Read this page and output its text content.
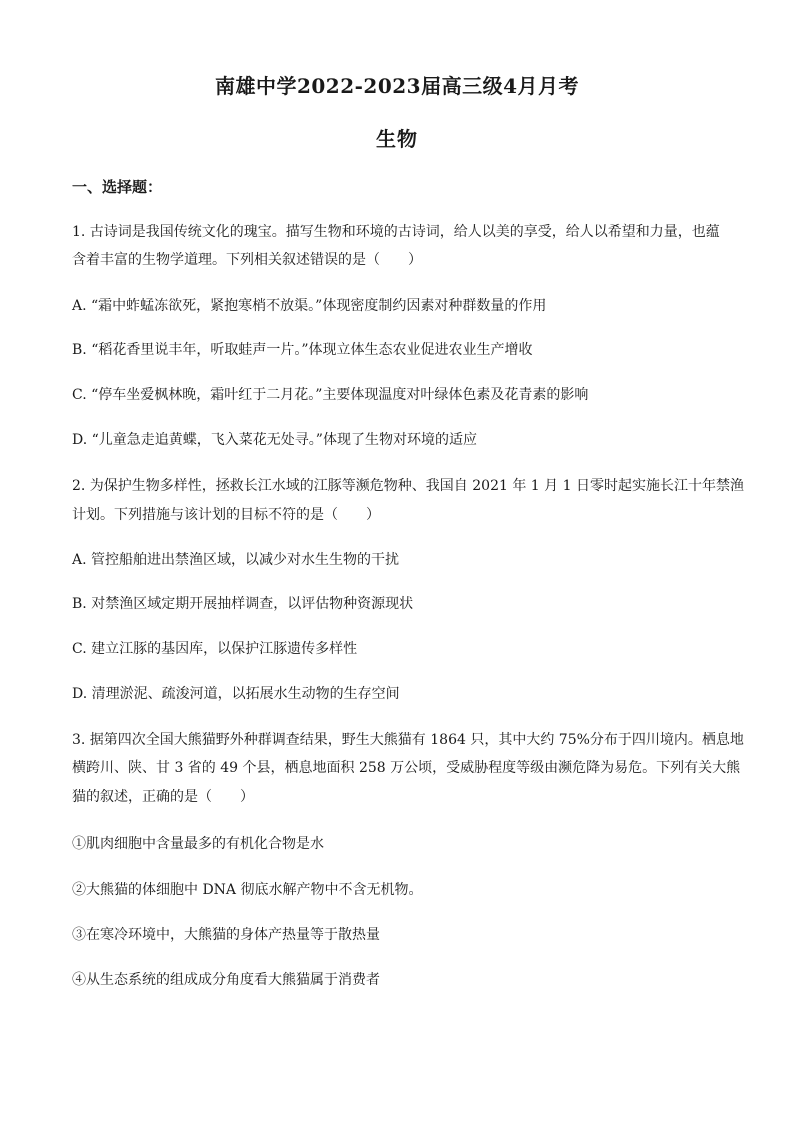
南雄中学2022-2023届高三级4月月考
生物
一、选择题：
1. 古诗词是我国传统文化的瑰宝。描写生物和环境的古诗词，给人以美的享受，给人以希望和力量，也蕴
含着丰富的生物学道理。下列相关叙述错误的是（　　）
A. “霜中蚱蜢冻欲死，紧抱寒梢不放渠。”体现密度制约因素对种群数量的作用
B. “稻花香里说丰年，听取蛙声一片。”体现立体生态农业促进农业生产增收
C. “停车坐爱枫林晚，霜叶红于二月花。”主要体现温度对叶绿体色素及花青素的影响
D. “儿童急走追黄蝶，飞入菜花无处寻。”体现了生物对环境的适应
2. 为保护生物多样性，拯救长江水域的江豚等濒危物种、我国自 2021 年 1 月 1 日零时起实施长江十年禁渔
计划。下列措施与该计划的目标不符的是（　　）
A. 管控船舶进出禁渔区域，以减少对水生生物的干扰
B. 对禁渔区域定期开展抽样调查，以评估物种资源现状
C. 建立江豚的基因库，以保护江豚遗传多样性
D. 清理淤泥、疏浚河道，以拓展水生动物的生存空间
3. 据第四次全国大熊猫野外种群调查结果，野生大熊猫有 1864 只，其中大约 75%分布于四川境内。栖息地
横跨川、陕、甘 3 省的 49 个县，栖息地面积 258 万公顷，受威胁程度等级由濒危降为易危。下列有关大熊
猫的叙述，正确的是（　　）
①肌肉细胞中含量最多的有机化合物是水
②大熊猫的体细胞中 DNA 彻底水解产物中不含无机物。
③在寒冷环境中，大熊猫的身体产热量等于散热量
④从生态系统的组成成分角度看大熊猫属于消费者
